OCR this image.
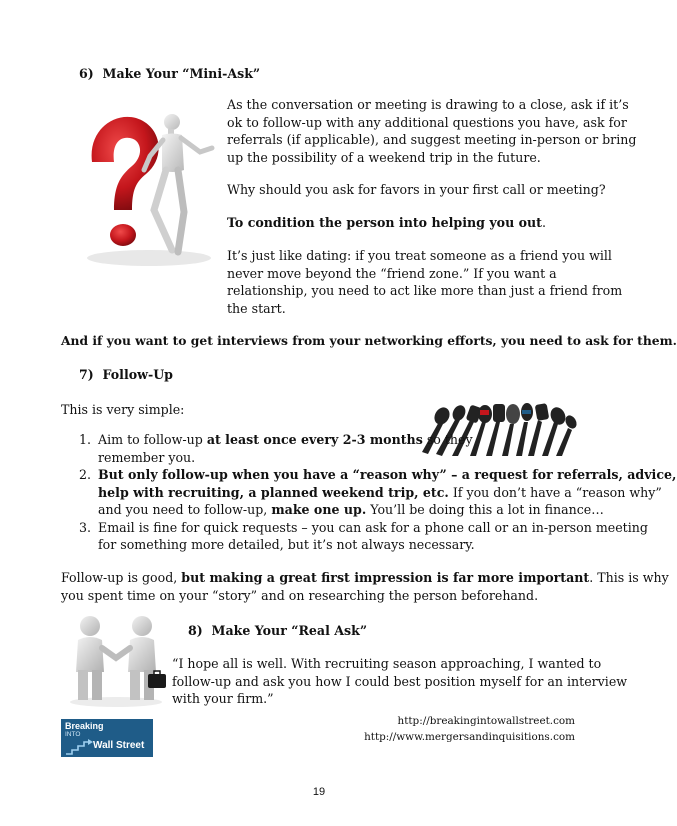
6) Make Your “Mini-Ask”
As the conversation or meeting is drawing to a close, ask if it’s
ok to follow-up with any additional questions you have, ask for
referrals (if applicable), and suggest meeting in-person or bring
up the possibility of a weekend trip in the future.
Why should you ask for favors in your first call or meeting?
To condition the person into helping you out.
It’s just like dating: if you treat someone as a friend you will
never move beyond the “friend zone.” If you want a
relationship, you need to act like more than just a friend from
the start.
And if you want to get interviews from your networking efforts, you need to ask for them.
7) Follow-Up
This is very simple:
1. Aim to follow-up at least once every 2-3 months so they
remember you.
2. But only follow-up when you have a “reason why” – a request for referrals, advice,
help with recruiting, a planned weekend trip, etc. If you don’t have a “reason why”
and you need to follow-up, make one up. You’ll be doing this a lot in finance…
3. Email is fine for quick requests – you can ask for a phone call or an in-person meeting
for something more detailed, but it’s not always necessary.
Follow-up is good, but making a great first impression is far more important. This is why
you spent time on your “story” and on researching the person beforehand.
8) Make Your “Real Ask”
“I hope all is well. With recruiting season approaching, I wanted to
follow-up and ask you how I could best position myself for an interview
with your firm.”
Breaking
INTO
Wall Street
http://breakingintowallstreet.com
http://www.mergersandinquisitions.com
19
